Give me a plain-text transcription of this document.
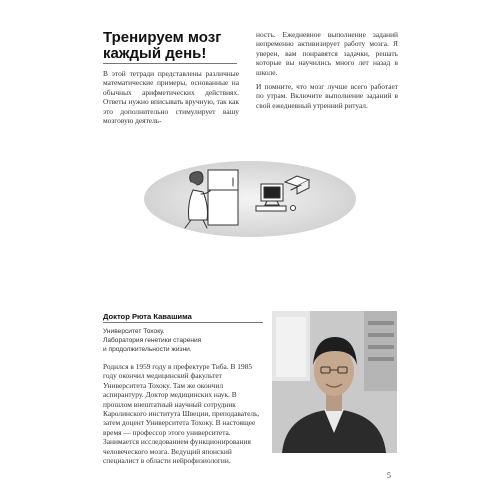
Тренируем мозг каждый день!

В этой тетради представлены различные математические примеры, основанные на обычных арифметических действиях. Ответы нужно вписывать вручную, так как это дополнительно стимулирует вашу мозговую деятель-

ность. Ежедневное выполнение заданий непременно активизирует работу мозга. Я уверен, вам понравятся задачки, решать которые вы научились много лет назад в школе.

И помните, что мозг лучше всего работает по утрам. Включите выполнение заданий в свой ежедневный утренний ритуал.

Доктор Рюта Кавашима

Университет Тохоку.
Лаборатория генетики старения
и продолжительности жизни.

Родился в 1959 году в префектуре Тиба. В 1985 году окончил медицинский факультет Университета Тохоку. Там же окончил аспирантуру. Доктор медицинских наук. В прошлом внештатный научный сотрудник Каролинского института Швеции, преподаватель, затем доцент Университета Тохоку. В настоящее время — профессор этого университета. Занимается исследованием функционирования человеческого мозга. Ведущий японский специалист в области нейрофизиологии.

5
